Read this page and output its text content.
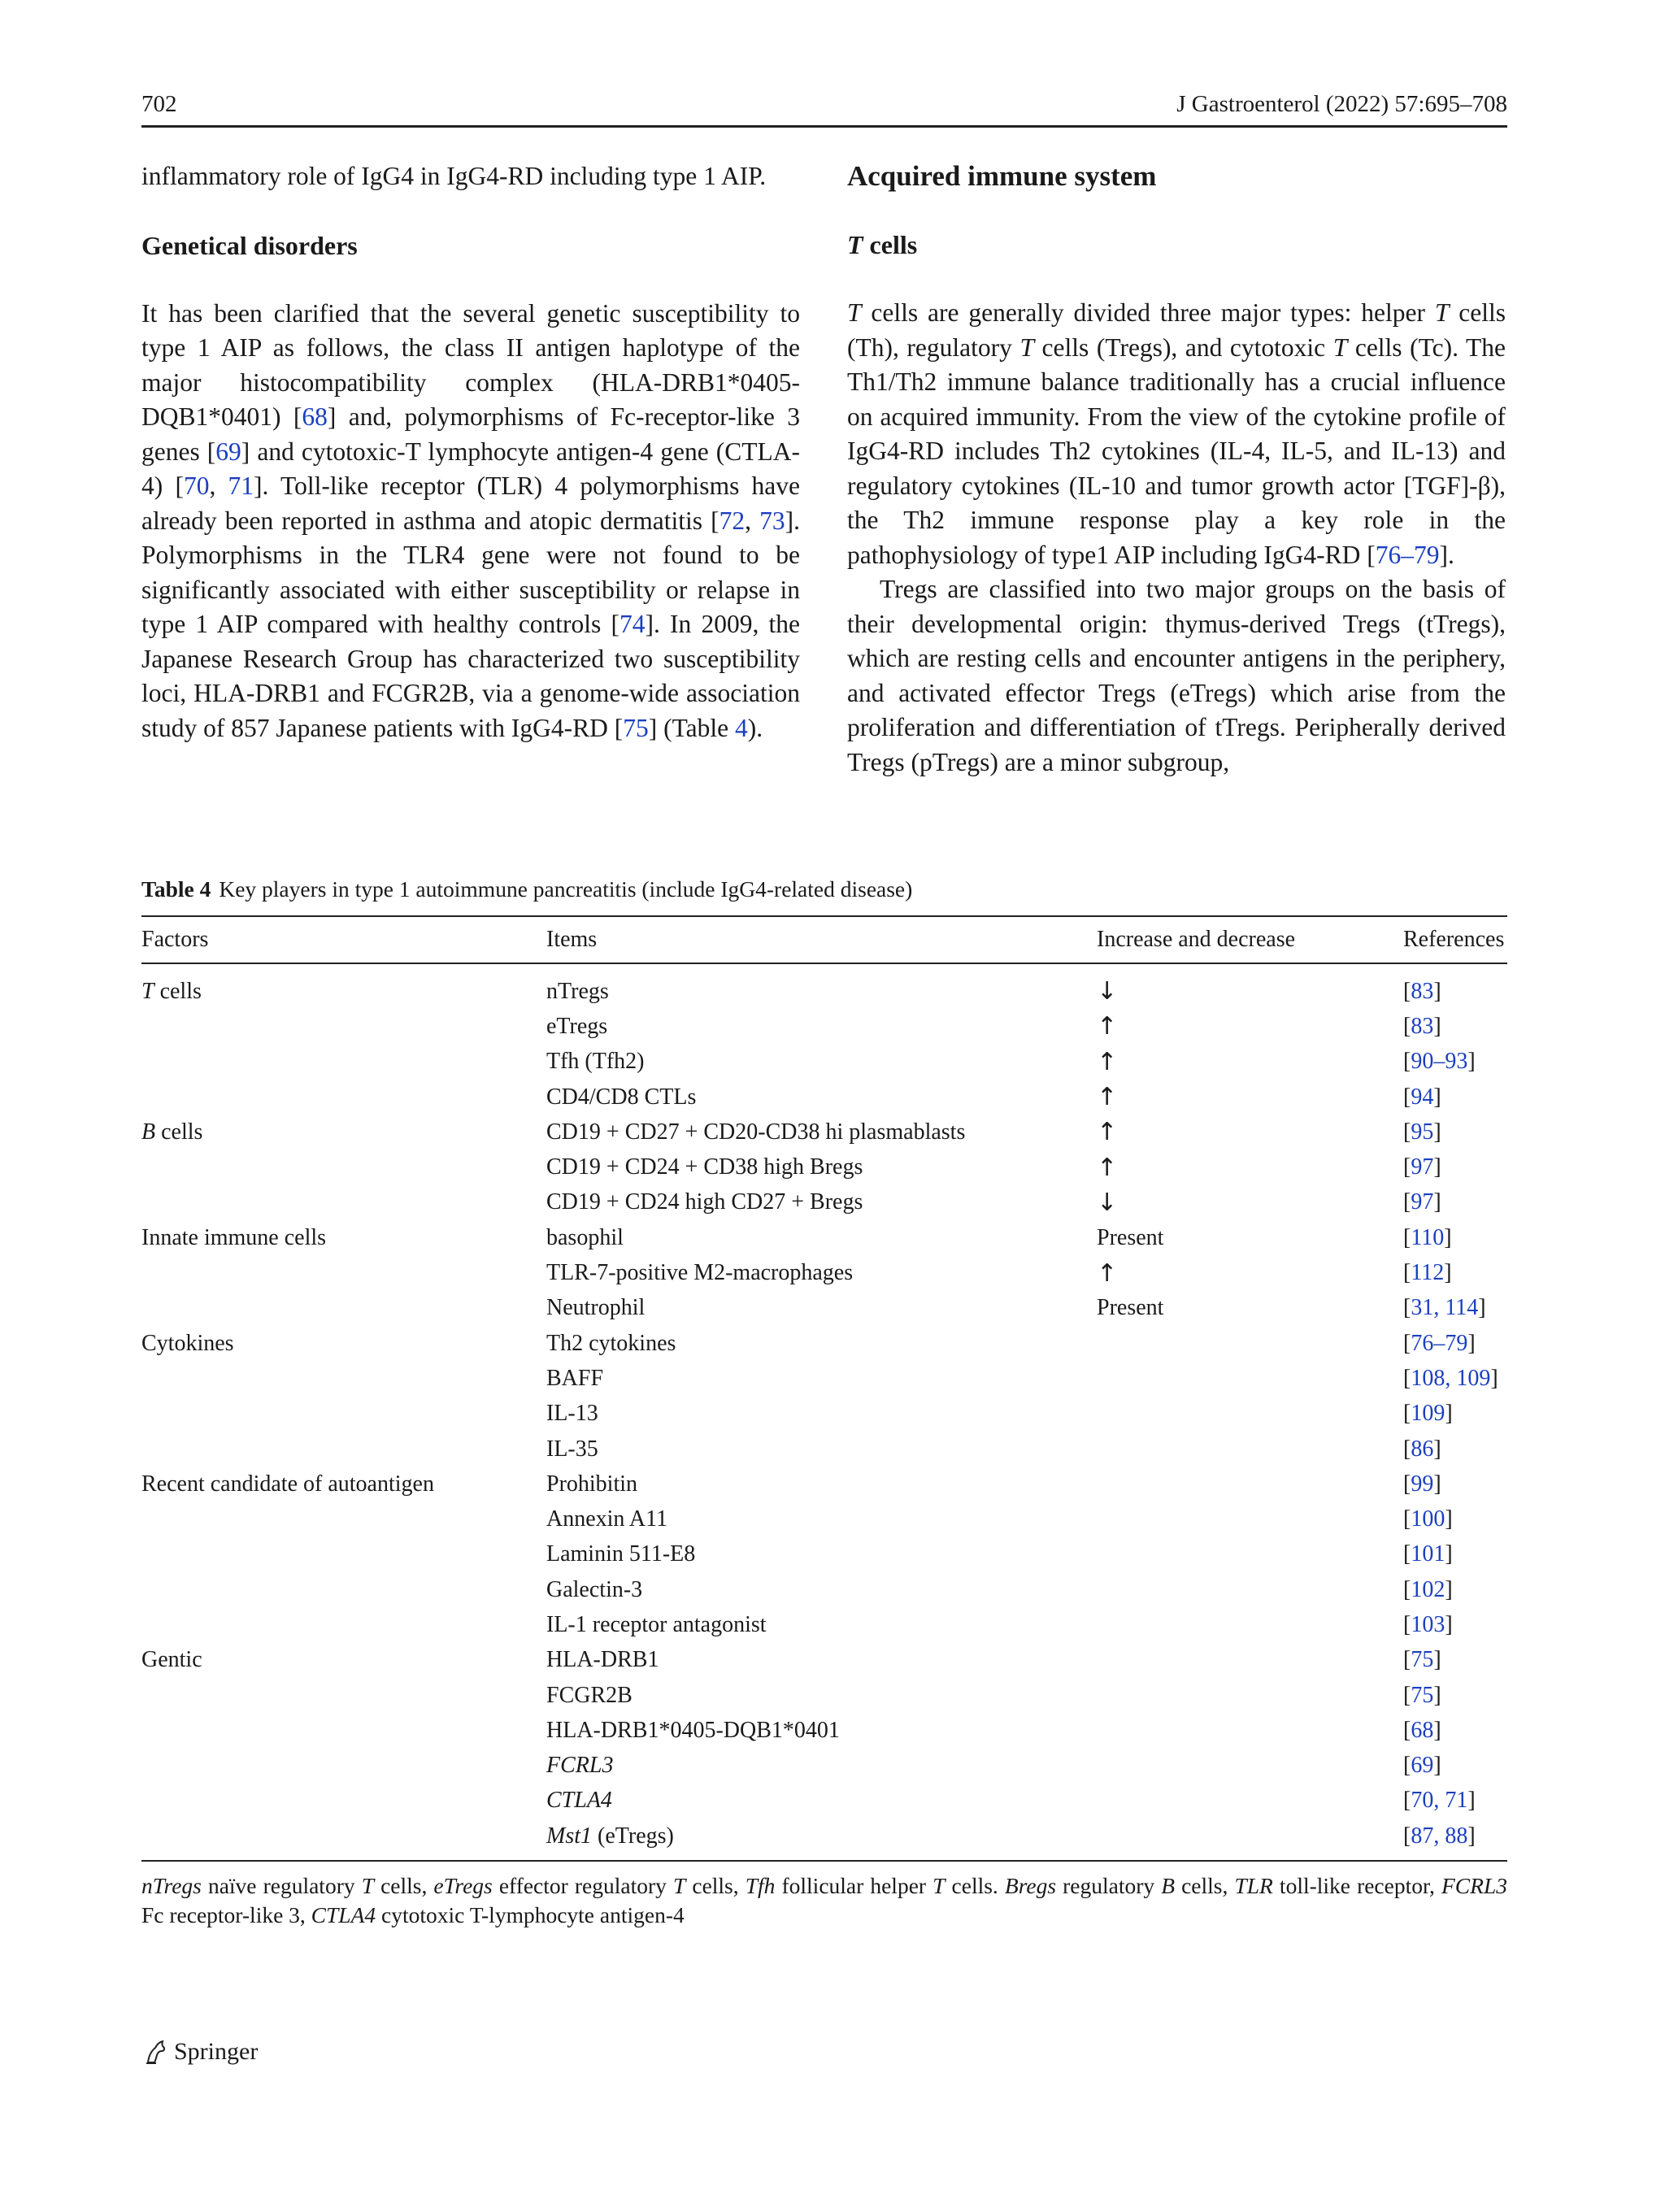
702	J Gastroenterol (2022) 57:695–708

inflammatory role of IgG4 in IgG4-RD including type 1 AIP.

Genetical disorders

It has been clarified that the several genetic susceptibility to type 1 AIP as follows, the class II antigen haplotype of the major histocompatibility complex (HLA-DRB1*0405-DQB1*0401) [68] and, polymorphisms of Fc-receptor-like 3 genes [69] and cytotoxic-T lymphocyte antigen-4 gene (CTLA-4) [70, 71]. Toll-like receptor (TLR) 4 polymorphisms have already been reported in asthma and atopic dermatitis [72, 73]. Polymorphisms in the TLR4 gene were not found to be significantly associated with either susceptibility or relapse in type 1 AIP compared with healthy controls [74]. In 2009, the Japanese Research Group has characterized two susceptibility loci, HLA-DRB1 and FCGR2B, via a genome-wide association study of 857 Japanese patients with IgG4-RD [75] (Table 4).

Acquired immune system
T cells

T cells are generally divided three major types: helper T cells (Th), regulatory T cells (Tregs), and cytotoxic T cells (Tc). The Th1/Th2 immune balance traditionally has a crucial influence on acquired immunity. From the view of the cytokine profile of IgG4-RD includes Th2 cytokines (IL-4, IL-5, and IL-13) and regulatory cytokines (IL-10 and tumor growth actor [TGF]-β), the Th2 immune response play a key role in the pathophysiology of type1 AIP including IgG4-RD [76–79].

Tregs are classified into two major groups on the basis of their developmental origin: thymus-derived Tregs (tTregs), which are resting cells and encounter antigens in the periphery, and activated effector Tregs (eTregs) which arise from the proliferation and differentiation of tTregs. Peripherally derived Tregs (pTregs) are a minor subgroup,

Table 4 Key players in type 1 autoimmune pancreatitis (include IgG4-related disease)
Factors	Items	Increase and decrease	References
T cells	nTregs	↓	[83]
	eTregs	↑	[83]
	Tfh (Tfh2)	↑	[90–93]
	CD4/CD8 CTLs	↑	[94]
B cells	CD19 + CD27 + CD20-CD38 hi plasmablasts	↑	[95]
	CD19 + CD24 + CD38 high Bregs	↑	[97]
	CD19 + CD24 high CD27 + Bregs	↓	[97]
Innate immune cells	basophil	Present	[110]
	TLR-7-positive M2-macrophages	↑	[112]
	Neutrophil	Present	[31, 114]
Cytokines	Th2 cytokines		[76–79]
	BAFF		[108, 109]
	IL-13		[109]
	IL-35		[86]
Recent candidate of autoantigen	Prohibitin		[99]
	Annexin A11		[100]
	Laminin 511-E8		[101]
	Galectin-3		[102]
	IL-1 receptor antagonist		[103]
Gentic	HLA-DRB1		[75]
	FCGR2B		[75]
	HLA-DRB1*0405-DQB1*0401		[68]
	FCRL3		[69]
	CTLA4		[70, 71]
	Mst1 (eTregs)		[87, 88]
nTregs naïve regulatory T cells, eTregs effector regulatory T cells, Tfh follicular helper T cells. Bregs regulatory B cells, TLR toll-like receptor, FCRL3 Fc receptor-like 3, CTLA4 cytotoxic T-lymphocyte antigen-4
Springer
